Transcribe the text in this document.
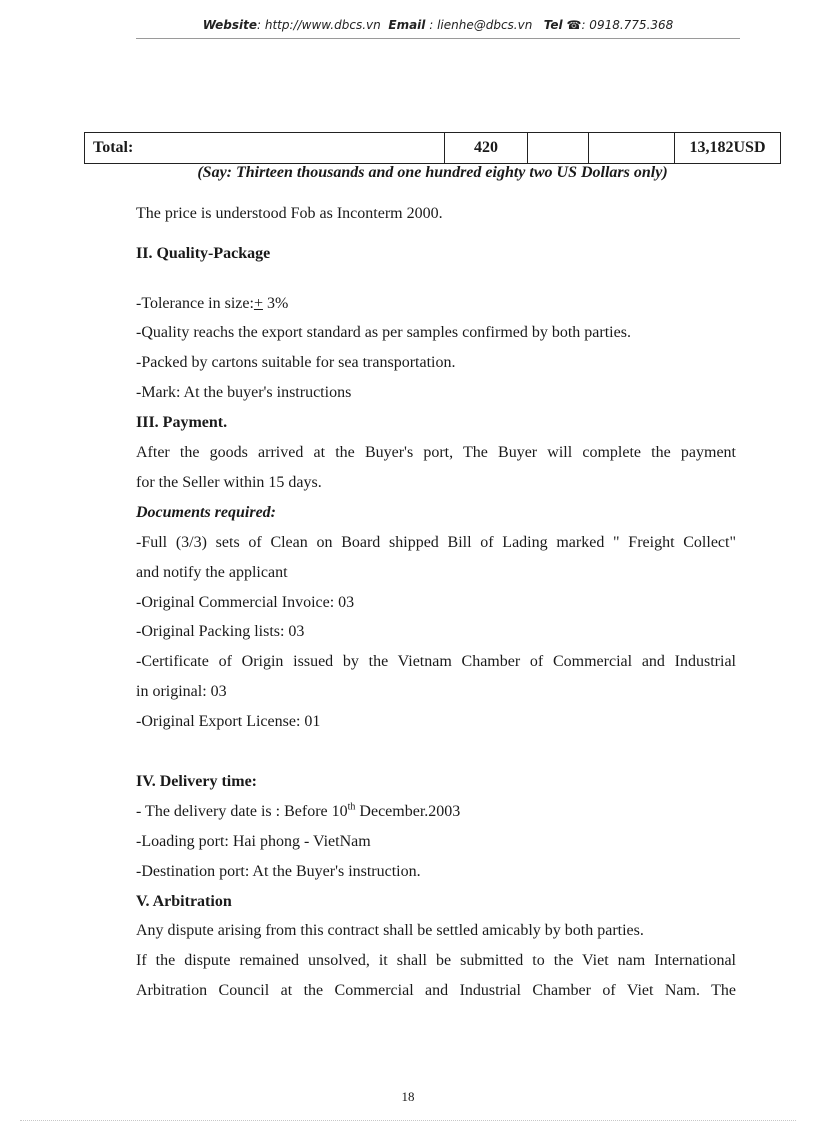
Website: http://www.dbcs.vn Email : lienhe@dbcs.vn Tel ☎: 0918.775.368
Total:	420			13,182USD
(Say: Thirteen thousands and one hundred eighty two US Dollars only)
The price is understood Fob as Inconterm 2000.
II. Quality-Package
-Tolerance in size:+ 3%
-Quality reachs the export standard as per samples confirmed by both parties.
-Packed by cartons suitable for sea transportation.
-Mark: At the buyer's instructions
III. Payment.
After the goods arrived at the Buyer's port, The Buyer will complete the payment
for the Seller within 15 days.
Documents required:
-Full (3/3) sets of Clean on Board shipped Bill of Lading marked " Freight Collect"
and notify the applicant
-Original Commercial Invoice: 03
-Original Packing lists: 03
-Certificate of Origin issued by the Vietnam Chamber of Commercial and Industrial
in original: 03
-Original Export License: 01
IV. Delivery time:
- The delivery date is : Before 10th December.2003
-Loading port: Hai phong - VietNam
-Destination port: At the Buyer's instruction.
V. Arbitration
Any dispute arising from this contract shall be settled amicably by both parties.
If the dispute remained unsolved, it shall be submitted to the Viet nam International
Arbitration Council at the Commercial and Industrial Chamber of Viet Nam. The
18
